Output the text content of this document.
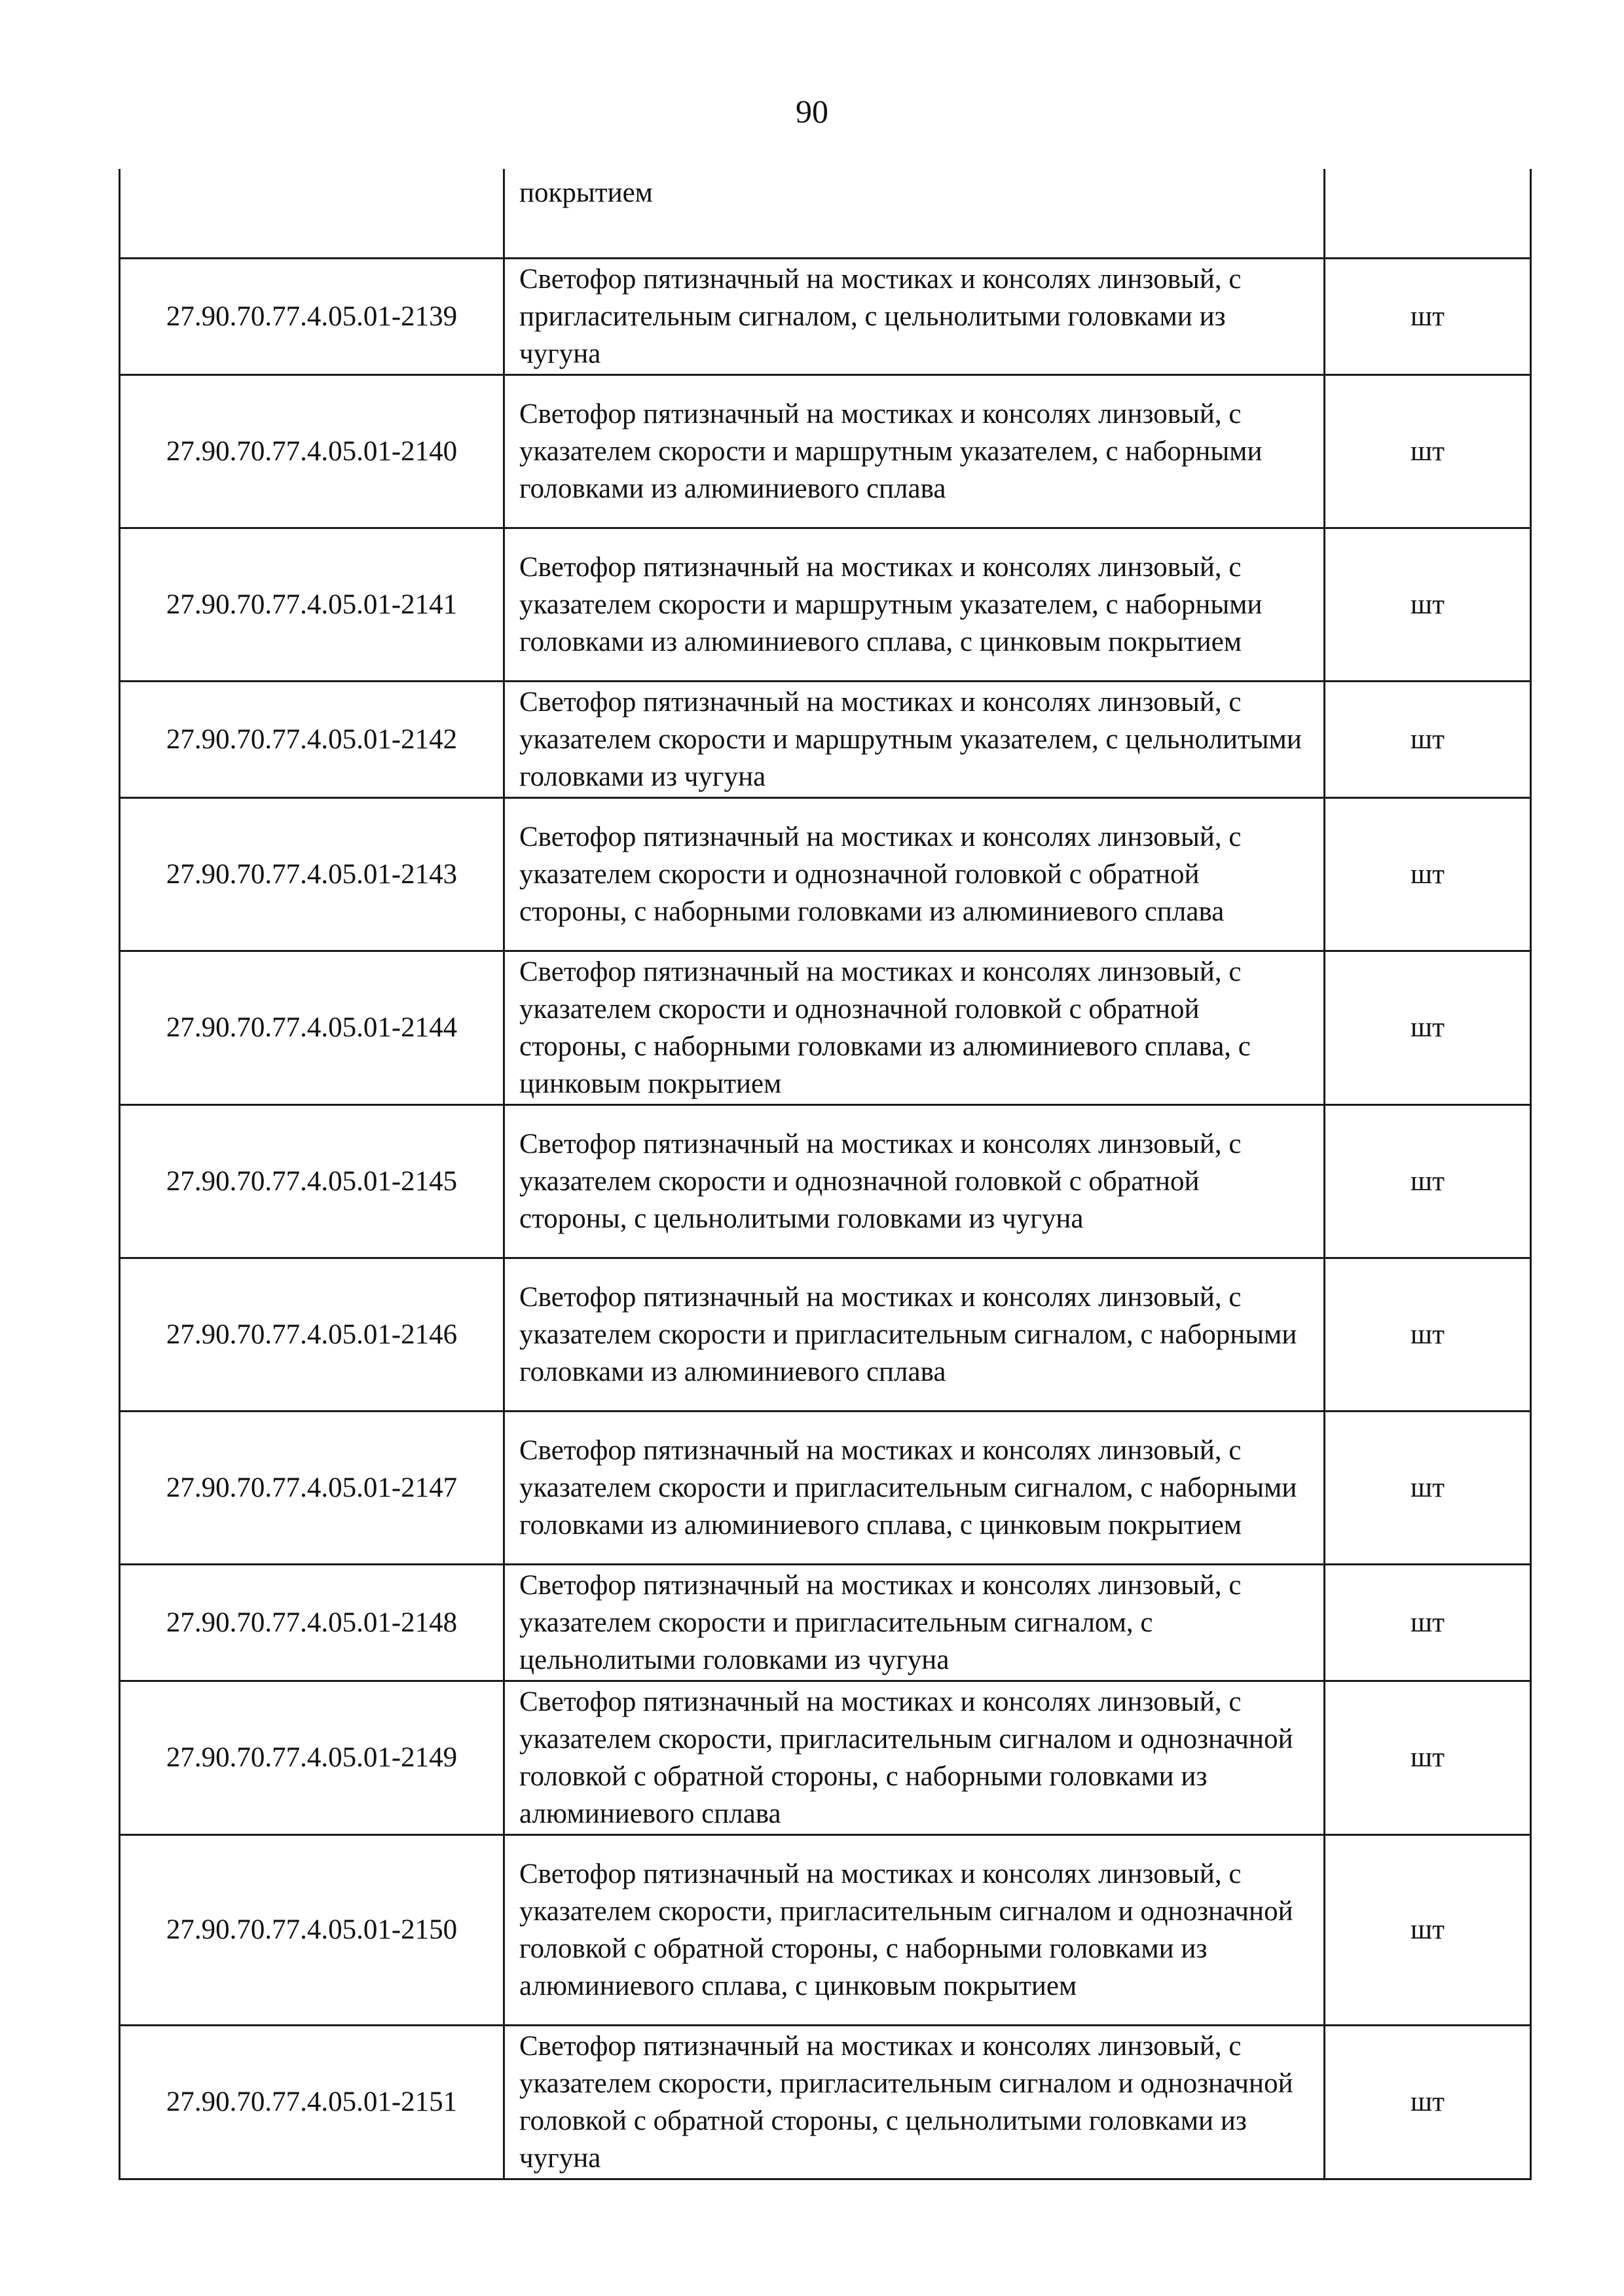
90
	покрытием	
27.90.70.77.4.05.01-2139	Светофор пятизначный на мостиках и консолях линзовый, с пригласительным сигналом, с цельнолитыми головками из чугуна	шт
27.90.70.77.4.05.01-2140	Светофор пятизначный на мостиках и консолях линзовый, с указателем скорости и маршрутным указателем, с наборными головками из алюминиевого сплава	шт
27.90.70.77.4.05.01-2141	Светофор пятизначный на мостиках и консолях линзовый, с указателем скорости и маршрутным указателем, с наборными головками из алюминиевого сплава, с цинковым покрытием	шт
27.90.70.77.4.05.01-2142	Светофор пятизначный на мостиках и консолях линзовый, с указателем скорости и маршрутным указателем, с цельнолитыми головками из чугуна	шт
27.90.70.77.4.05.01-2143	Светофор пятизначный на мостиках и консолях линзовый, с указателем скорости и однозначной головкой с обратной стороны, с наборными головками из алюминиевого сплава	шт
27.90.70.77.4.05.01-2144	Светофор пятизначный на мостиках и консолях линзовый, с указателем скорости и однозначной головкой с обратной стороны, с наборными головками из алюминиевого сплава, с цинковым покрытием	шт
27.90.70.77.4.05.01-2145	Светофор пятизначный на мостиках и консолях линзовый, с указателем скорости и однозначной головкой с обратной стороны, с цельнолитыми головками из чугуна	шт
27.90.70.77.4.05.01-2146	Светофор пятизначный на мостиках и консолях линзовый, с указателем скорости и пригласительным сигналом, с наборными головками из алюминиевого сплава	шт
27.90.70.77.4.05.01-2147	Светофор пятизначный на мостиках и консолях линзовый, с указателем скорости и пригласительным сигналом, с наборными головками из алюминиевого сплава, с цинковым покрытием	шт
27.90.70.77.4.05.01-2148	Светофор пятизначный на мостиках и консолях линзовый, с указателем скорости и пригласительным сигналом, с цельнолитыми головками из чугуна	шт
27.90.70.77.4.05.01-2149	Светофор пятизначный на мостиках и консолях линзовый, с указателем скорости, пригласительным сигналом и однозначной головкой с обратной стороны, с наборными головками из алюминиевого сплава	шт
27.90.70.77.4.05.01-2150	Светофор пятизначный на мостиках и консолях линзовый, с указателем скорости, пригласительным сигналом и однозначной головкой с обратной стороны, с наборными головками из алюминиевого сплава, с цинковым покрытием	шт
27.90.70.77.4.05.01-2151	Светофор пятизначный на мостиках и консолях линзовый, с указателем скорости, пригласительным сигналом и однозначной головкой с обратной стороны, с цельнолитыми головками из чугуна	шт
